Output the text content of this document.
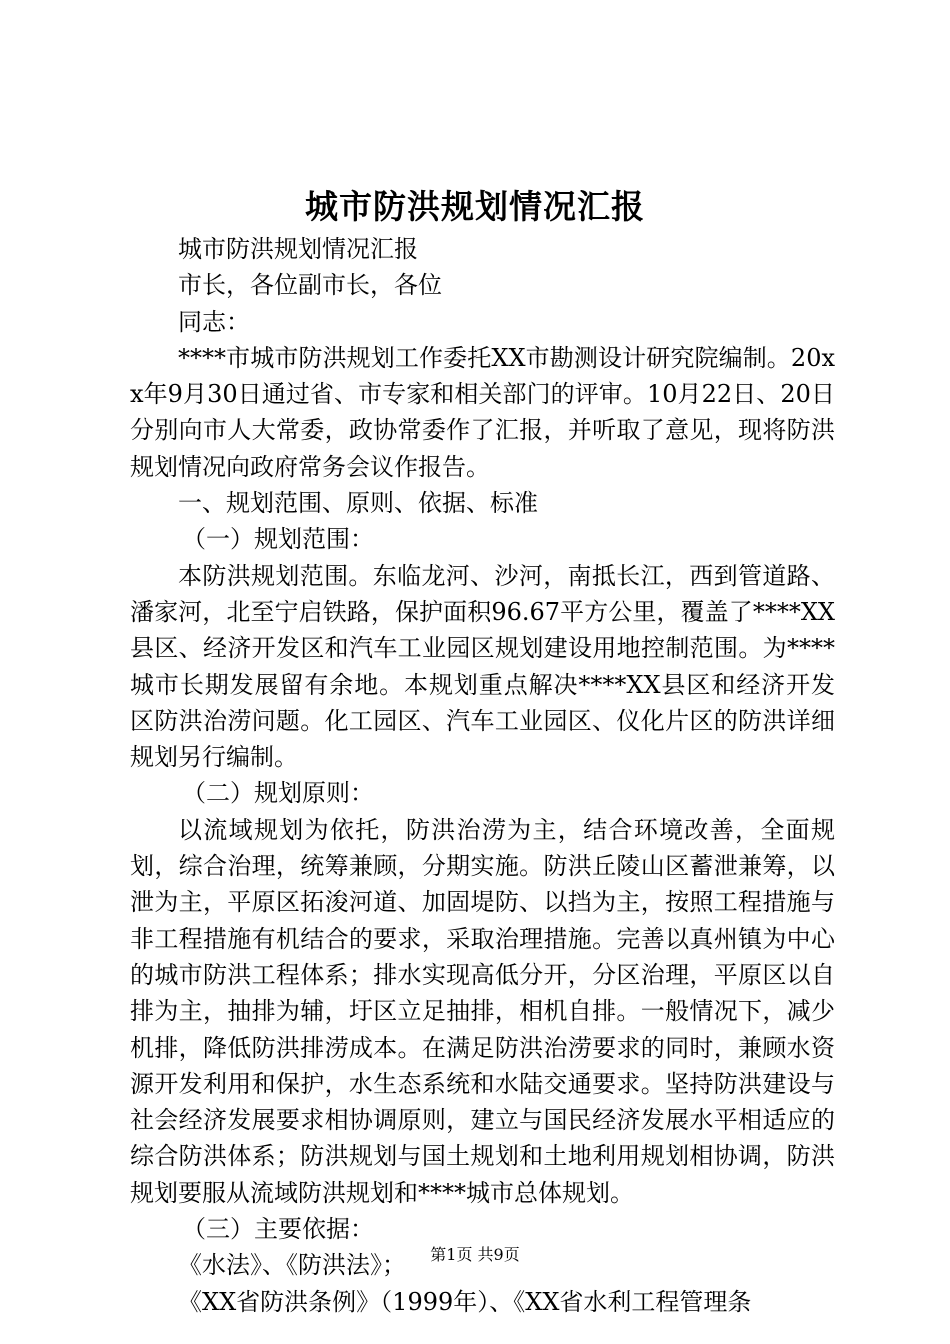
城市防洪规划情况汇报

城市防洪规划情况汇报

市长，各位副市长，各位

同志：

****市城市防洪规划工作委托XX市勘测设计研究院编制。20xx年9月30日通过省、市专家和相关部门的评审。10月22日、20日分别向市人大常委，政协常委作了汇报，并听取了意见，现将防洪规划情况向政府常务会议作报告。

一、规划范围、原则、依据、标准

（一）规划范围：

本防洪规划范围。东临龙河、沙河，南抵长江，西到管道路、潘家河，北至宁启铁路，保护面积96.67平方公里，覆盖了****XX县区、经济开发区和汽车工业园区规划建设用地控制范围。为****城市长期发展留有余地。本规划重点解决****XX县区和经济开发区防洪治涝问题。化工园区、汽车工业园区、仪化片区的防洪详细规划另行编制。

（二）规划原则：

以流域规划为依托，防洪治涝为主，结合环境改善，全面规划，综合治理，统筹兼顾，分期实施。防洪丘陵山区蓄泄兼筹，以泄为主，平原区拓浚河道、加固堤防、以挡为主，按照工程措施与非工程措施有机结合的要求，采取治理措施。完善以真州镇为中心的城市防洪工程体系；排水实现高低分开，分区治理，平原区以自排为主，抽排为辅，圩区立足抽排，相机自排。一般情况下，减少机排，降低防洪排涝成本。在满足防洪治涝要求的同时，兼顾水资源开发利用和保护，水生态系统和水陆交通要求。坚持防洪建设与社会经济发展要求相协调原则，建立与国民经济发展水平相适应的综合防洪体系；防洪规划与国土规划和土地利用规划相协调，防洪规划要服从流域防洪规划和****城市总体规划。

（三）主要依据：

《水法》、《防洪法》；

《XX省防洪条例》（1999年）、《XX省水利工程管理条

第1页 共9页
